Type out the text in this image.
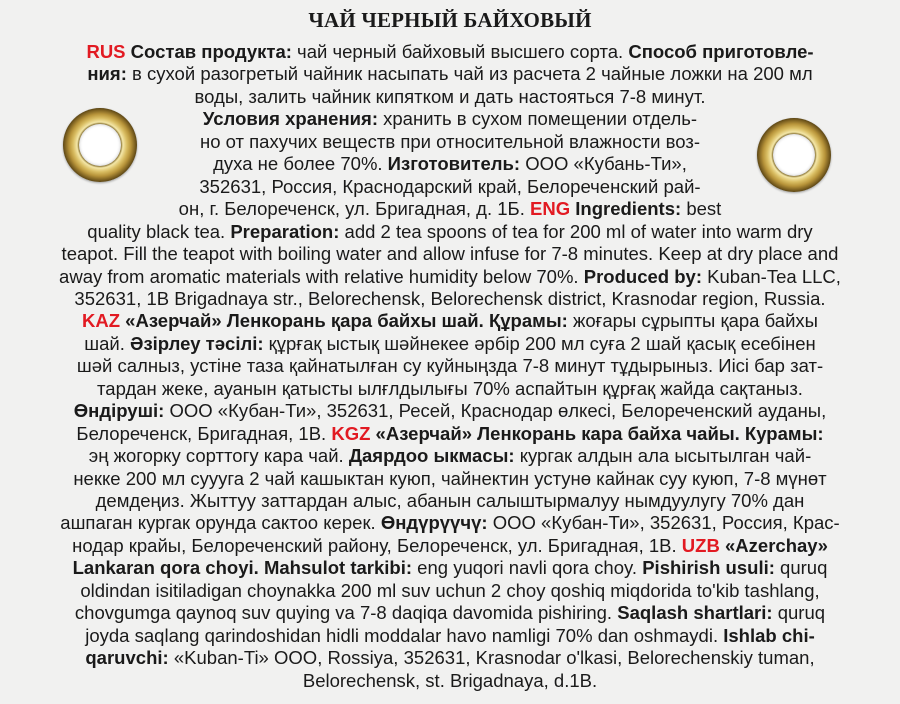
ЧАЙ ЧЕРНЫЙ БАЙХОВЫЙ
RUS Состав продукта: чай черный байховый высшего сорта. Способ приготовле-
ния: в сухой разогретый чайник насыпать чай из расчета 2 чайные ложки на 200 мл
воды, залить чайник кипятком и дать настояться 7-8 минут.
Условия хранения: хранить в сухом помещении отдель-
но от пахучих веществ при относительной влажности воз-
духа не более 70%. Изготовитель: ООО «Кубань-Ти»,
352631, Россия, Краснодарский край, Белореченский рай-
он, г. Белореченск, ул. Бригадная, д. 1Б. ENG Ingredients: best
quality black tea. Preparation: add 2 tea spoons of tea for 200 ml of water into warm dry
teapot. Fill the teapot with boiling water and allow infuse for 7-8 minutes. Keep at dry place and
away from aromatic materials with relative humidity below 70%. Produced by: Kuban-Tea LLC,
352631, 1B Brigadnaya str., Belorechensk, Belorechensk district, Krasnodar region, Russia.
KAZ «Азерчай» Ленкорань қара байхы шай. Құрамы: жоғары сұрыпты қара байхы
шай. Әзірлеу тәсілі: құрғақ ыстық шәйнекее әрбір 200 мл суға 2 шай қасық есебінен
шәй салныз, устіне таза қайнатылған су куйныңзда 7-8 минут тұдырыныз. Иісі бар зат-
тардан жеке, ауанын қатысты ылғлдылығы 70% аспайтын құрғақ жайда сақтаныз.
Өндіруші: ООО «Кубан-Ти», 352631, Ресей, Краснодар өлкесі, Белореченский ауданы,
Белореченск, Бригадная, 1В. KGZ «Азерчай» Ленкорань кара байха чайы. Курамы:
эң жогорку сорттогу кара чай. Даярдоо ыкмасы: кургак алдын ала ысытылган чай-
некке 200 мл суууга 2 чай кашыктан куюп, чайнектин устунө кайнак суу куюп, 7-8 мүнөт
демдеңиз. Жыттуу заттардан алыс, абанын салыштырмалуу нымдуулугу 70% дан
ашпаган кургак орунда сактоо керек. Өндүрүүчү: ООО «Кубан-Ти», 352631, Россия, Крас-
нодар крайы, Белореченский району, Белореченск, ул. Бригадная, 1В. UZB «Azerchay»
Lankaran qora choyi. Mahsulot tarkibi: eng yuqori navli qora choy. Pishirish usuli: quruq
oldindan isitiladigan choynakka 200 ml suv uchun 2 choy qoshiq miqdorida to'kib tashlang,
chovgumga qaynoq suv quying va 7-8 daqiqa davomida pishiring. Saqlash shartlari: quruq
joyda saqlang qarindoshidan hidli moddalar havo namligi 70% dan oshmaydi. Ishlab chi-
qaruvchi: «Kuban-Ti» OOO, Rossiya, 352631, Krasnodar o'lkasi, Belorechenskiy tuman,
Belorechensk, st. Brigadnaya, d.1B.
